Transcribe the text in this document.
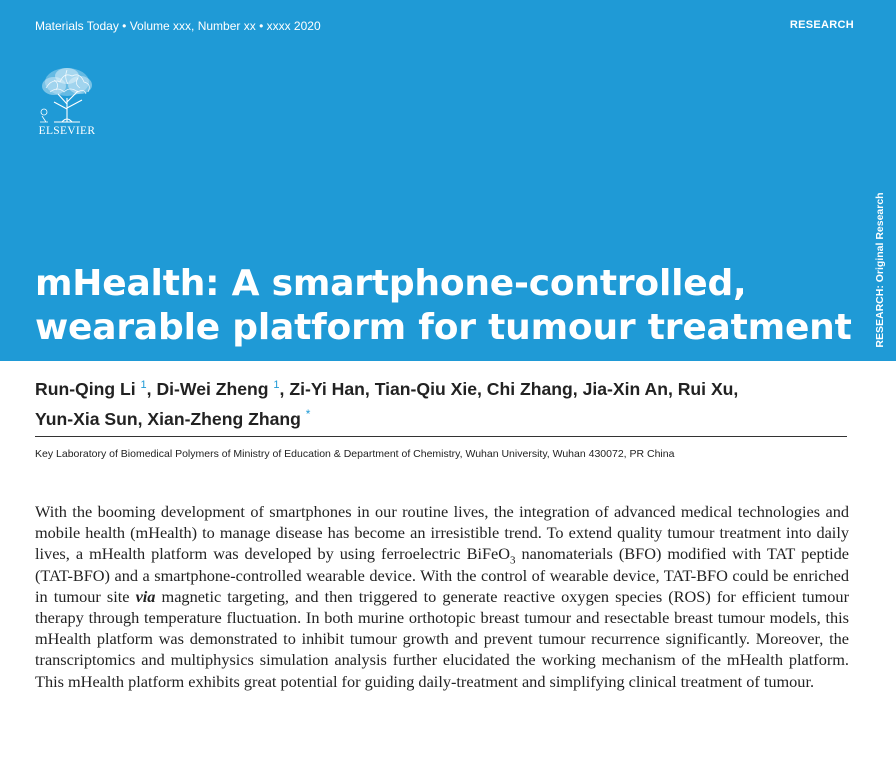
Materials Today • Volume xxx, Number xx • xxxx 2020	RESEARCH
ELSEVIER
RESEARCH: Original Research
mHealth: A smartphone-controlled,
wearable platform for tumour treatment

Run-Qing Li $^1$, Di-Wei Zheng $^1$, Zi-Yi Han, Tian-Qiu Xie, Chi Zhang, Jia-Xin An, Rui Xu,
Yun-Xia Sun, Xian-Zheng Zhang *

Key Laboratory of Biomedical Polymers of Ministry of Education & Department of Chemistry, Wuhan University, Wuhan 430072, PR China

With the booming development of smartphones in our routine lives, the integration of advanced medical technologies and mobile health (mHealth) to manage disease has become an irresistible trend. To extend quality tumour treatment into daily lives, a mHealth platform was developed by using ferroelectric BiFeO$_3$ nanomaterials (BFO) modified with TAT peptide (TAT-BFO) and a smartphone-controlled wearable device. With the control of wearable device, TAT-BFO could be enriched in tumour site via magnetic targeting, and then triggered to generate reactive oxygen species (ROS) for efficient tumour therapy through temperature fluctuation. In both murine orthotopic breast tumour and resectable breast tumour models, this mHealth platform was demonstrated to inhibit tumour growth and prevent tumour recurrence significantly. Moreover, the transcriptomics and multiphysics simulation analysis further elucidated the working mechanism of the mHealth platform. This mHealth platform exhibits great potential for guiding daily-treatment and simplifying clinical treatment of tumour.
